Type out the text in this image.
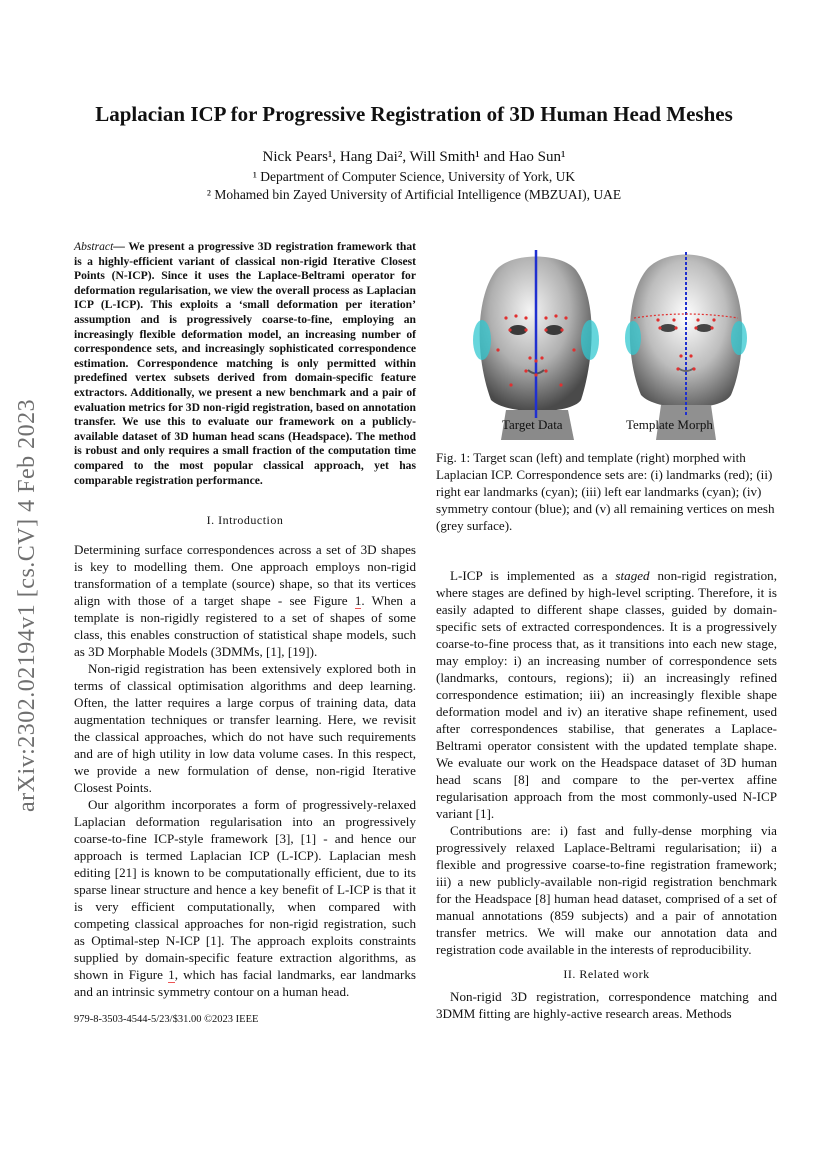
arXiv:2302.02194v1 [cs.CV] 4 Feb 2023
Laplacian ICP for Progressive Registration of 3D Human Head Meshes
Nick Pears¹, Hang Dai², Will Smith¹ and Hao Sun¹
¹ Department of Computer Science, University of York, UK
² Mohamed bin Zayed University of Artificial Intelligence (MBZUAI), UAE
Abstract— We present a progressive 3D registration framework that is a highly-efficient variant of classical non-rigid Iterative Closest Points (N-ICP). Since it uses the Laplace-Beltrami operator for deformation regularisation, we view the overall process as Laplacian ICP (L-ICP). This exploits a ‘small deformation per iteration’ assumption and is progressively coarse-to-fine, employing an increasingly flexible deformation model, an increasing number of correspondence sets, and increasingly sophisticated correspondence estimation. Correspondence matching is only permitted within predefined vertex subsets derived from domain-specific feature extractors. Additionally, we present a new benchmark and a pair of evaluation metrics for 3D non-rigid registration, based on annotation transfer. We use this to evaluate our framework on a publicly-available dataset of 3D human head scans (Headspace). The method is robust and only requires a small fraction of the computation time compared to the most popular classical approach, yet has comparable registration performance.
I. Introduction

Determining surface correspondences across a set of 3D shapes is key to modelling them. One approach employs non-rigid transformation of a template (source) shape, so that its vertices align with those of a target shape - see Figure 1. When a template is non-rigidly registered to a set of shapes of some class, this enables construction of statistical shape models, such as 3D Morphable Models (3DMMs, [1], [19]).

Non-rigid registration has been extensively explored both in terms of classical optimisation algorithms and deep learning. Often, the latter requires a large corpus of training data, data augmentation techniques or transfer learning. Here, we revisit the classical approaches, which do not have such requirements and are of high utility in low data volume cases. In this respect, we provide a new formulation of dense, non-rigid Iterative Closest Points.

Our algorithm incorporates a form of progressively-relaxed Laplacian deformation regularisation into an progressively coarse-to-fine ICP-style framework [3], [1] - and hence our approach is termed Laplacian ICP (L-ICP). Laplacian mesh editing [21] is known to be computationally efficient, due to its sparse linear structure and hence a key benefit of L-ICP is that it is very efficient computationally, when compared with competing classical approaches for non-rigid registration, such as Optimal-step N-ICP [1]. The approach exploits constraints supplied by domain-specific feature extraction algorithms, as shown in Figure 1, which has facial landmarks, ear landmarks and an intrinsic symmetry contour on a human head.

979-8-3503-4544-5/23/$31.00 ©2023 IEEE
Target Data	Template Morph
Fig. 1: Target scan (left) and template (right) morphed with Laplacian ICP. Correspondence sets are: (i) landmarks (red); (ii) right ear landmarks (cyan); (iii) left ear landmarks (cyan); (iv) symmetry contour (blue); and (v) all remaining vertices on mesh (grey surface).

L-ICP is implemented as a staged non-rigid registration, where stages are defined by high-level scripting. Therefore, it is easily adapted to different shape classes, guided by domain-specific sets of extracted correspondences. It is a progressively coarse-to-fine process that, as it transitions into each new stage, may employ: i) an increasing number of correspondence sets (landmarks, contours, regions); ii) an increasingly refined correspondence estimation; iii) an increasingly flexible shape deformation model and iv) an iterative shape refinement, used after correspondences stabilise, that generates a Laplace-Beltrami operator consistent with the updated template shape. We evaluate our work on the Headspace dataset of 3D human head scans [8] and compare to the per-vertex affine regularisation approach from the most commonly-used N-ICP variant [1].

Contributions are: i) fast and fully-dense morphing via progressively relaxed Laplace-Beltrami regularisation; ii) a flexible and progressive coarse-to-fine registration framework; iii) a new publicly-available non-rigid registration benchmark for the Headspace [8] human head dataset, comprised of a set of manual annotations (859 subjects) and a pair of annotation transfer metrics. We will make our annotation data and registration code available in the interests of reproducibility.

II. Related work

Non-rigid 3D registration, correspondence matching and 3DMM fitting are highly-active research areas. Methods
